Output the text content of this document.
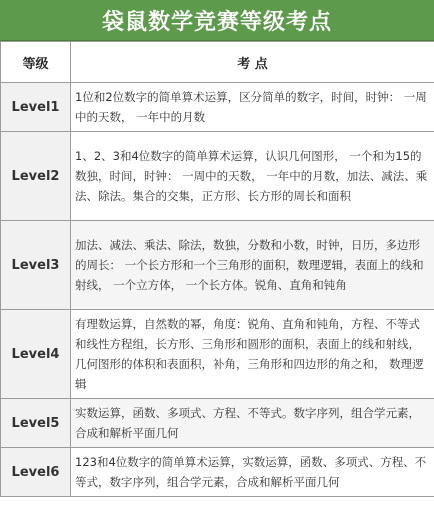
袋鼠数学竞赛等级考点
等级	考 点
Level1	1位和2位数字的简单算术运算，区分简单的数字，时间，时钟： 一周中的天数， 一年中的月数
Level2	1、2、3和4位数字的简单算术运算，认识几何图形， 一个和为15的数独，时间，时钟： 一周中的天数， 一年中的月数，加法、减法、乘法、除法。集合的交集，正方形、长方形的周长和面积
Level3	加法、减法、乘法、除法，数独，分数和小数，时钟，日历，多边形的周长： 一个长方形和一个三角形的面积，数理逻辑，表面上的线和射线， 一个立方体， 一个长方体。锐角、直角和钝角
Level4	有理数运算，自然数的幂，角度：锐角、直角和钝角，方程、不等式和线性方程组，长方形、三角形和圆形的面积，表面上的线和射线，几何图形的体积和表面积，补角，三角形和四边形的角之和， 数理逻辑
Level5	实数运算，函数、多项式、方程、不等式。数字序列，组合学元素，合成和解析平面几何
Level6	123和4位数字的简单算术运算，实数运算，函数、多项式、方程、不等式，数字序列，组合学元素，合成和解析平面几何
